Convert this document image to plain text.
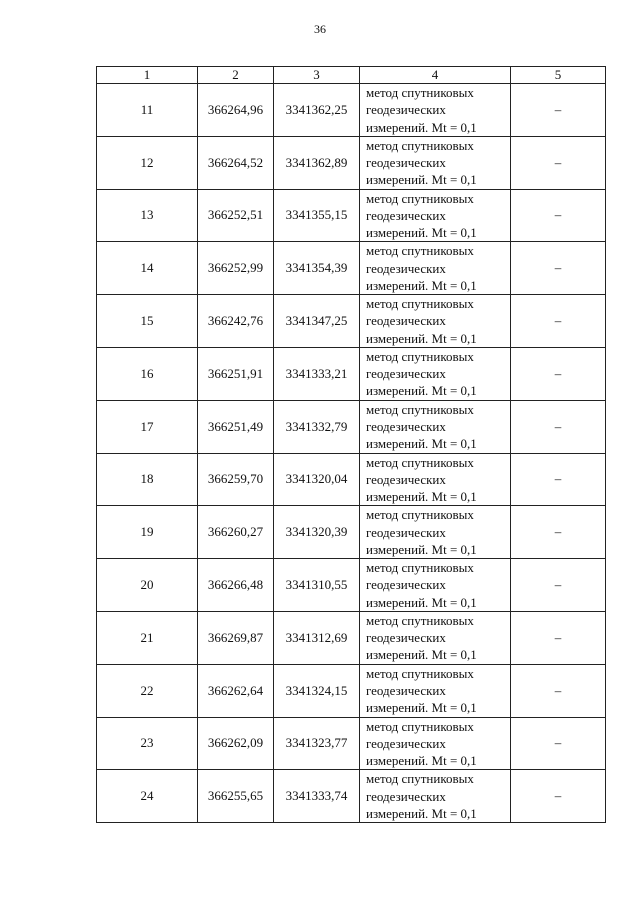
36
1	2	3	4	5
11	366264,96	3341362,25	метод спутниковых
геодезических
измерений. Mt = 0,1	–
12	366264,52	3341362,89	метод спутниковых
геодезических
измерений. Mt = 0,1	–
13	366252,51	3341355,15	метод спутниковых
геодезических
измерений. Mt = 0,1	–
14	366252,99	3341354,39	метод спутниковых
геодезических
измерений. Mt = 0,1	–
15	366242,76	3341347,25	метод спутниковых
геодезических
измерений. Mt = 0,1	–
16	366251,91	3341333,21	метод спутниковых
геодезических
измерений. Mt = 0,1	–
17	366251,49	3341332,79	метод спутниковых
геодезических
измерений. Mt = 0,1	–
18	366259,70	3341320,04	метод спутниковых
геодезических
измерений. Mt = 0,1	–
19	366260,27	3341320,39	метод спутниковых
геодезических
измерений. Mt = 0,1	–
20	366266,48	3341310,55	метод спутниковых
геодезических
измерений. Mt = 0,1	–
21	366269,87	3341312,69	метод спутниковых
геодезических
измерений. Mt = 0,1	–
22	366262,64	3341324,15	метод спутниковых
геодезических
измерений. Mt = 0,1	–
23	366262,09	3341323,77	метод спутниковых
геодезических
измерений. Mt = 0,1	–
24	366255,65	3341333,74	метод спутниковых
геодезических
измерений. Mt = 0,1	–
